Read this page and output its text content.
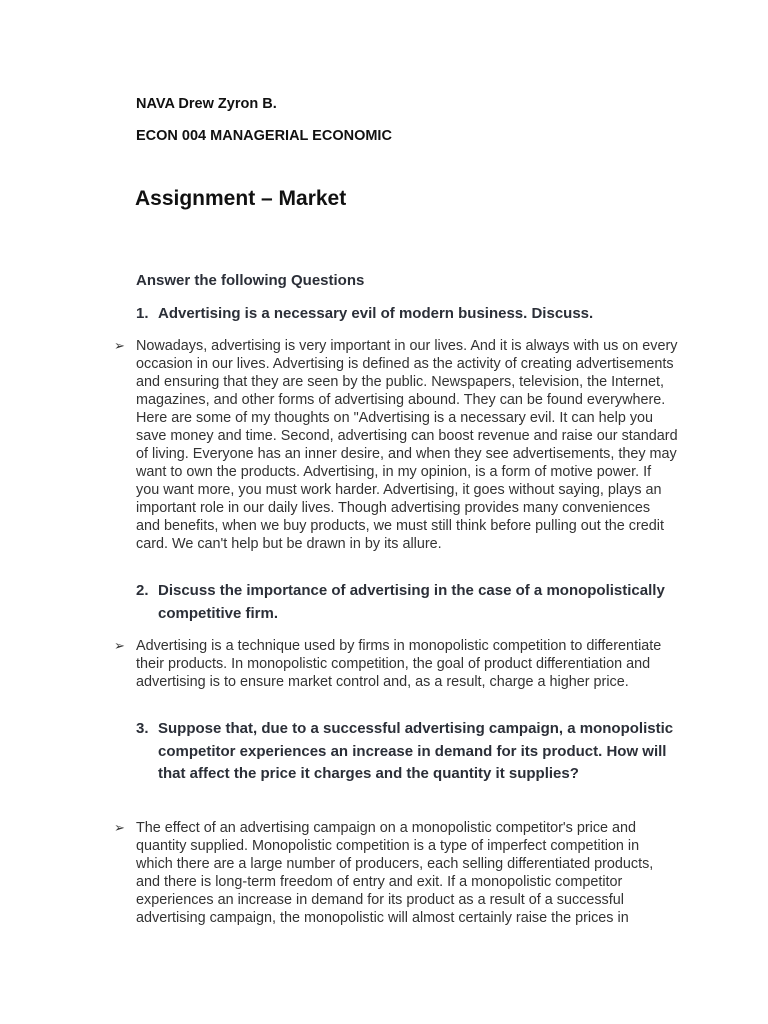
NAVA Drew Zyron B.
ECON 004 MANAGERIAL ECONOMIC
Assignment – Market
Answer the following Questions
1. Advertising is a necessary evil of modern business. Discuss.
➢ Nowadays, advertising is very important in our lives. And it is always with us on every occasion in our lives. Advertising is defined as the activity of creating advertisements and ensuring that they are seen by the public. Newspapers, television, the Internet, magazines, and other forms of advertising abound. They can be found everywhere. Here are some of my thoughts on "Advertising is a necessary evil. It can help you save money and time. Second, advertising can boost revenue and raise our standard of living. Everyone has an inner desire, and when they see advertisements, they may want to own the products. Advertising, in my opinion, is a form of motive power. If you want more, you must work harder. Advertising, it goes without saying, plays an important role in our daily lives. Though advertising provides many conveniences and benefits, when we buy products, we must still think before pulling out the credit card. We can't help but be drawn in by its allure.
2. Discuss the importance of advertising in the case of a monopolistically competitive firm.
➢ Advertising is a technique used by firms in monopolistic competition to differentiate their products. In monopolistic competition, the goal of product differentiation and advertising is to ensure market control and, as a result, charge a higher price.
3. Suppose that, due to a successful advertising campaign, a monopolistic competitor experiences an increase in demand for its product. How will that affect the price it charges and the quantity it supplies?
➢ The effect of an advertising campaign on a monopolistic competitor's price and quantity supplied. Monopolistic competition is a type of imperfect competition in which there are a large number of producers, each selling differentiated products, and there is long-term freedom of entry and exit. If a monopolistic competitor experiences an increase in demand for its product as a result of a successful advertising campaign, the monopolistic will almost certainly raise the prices in
